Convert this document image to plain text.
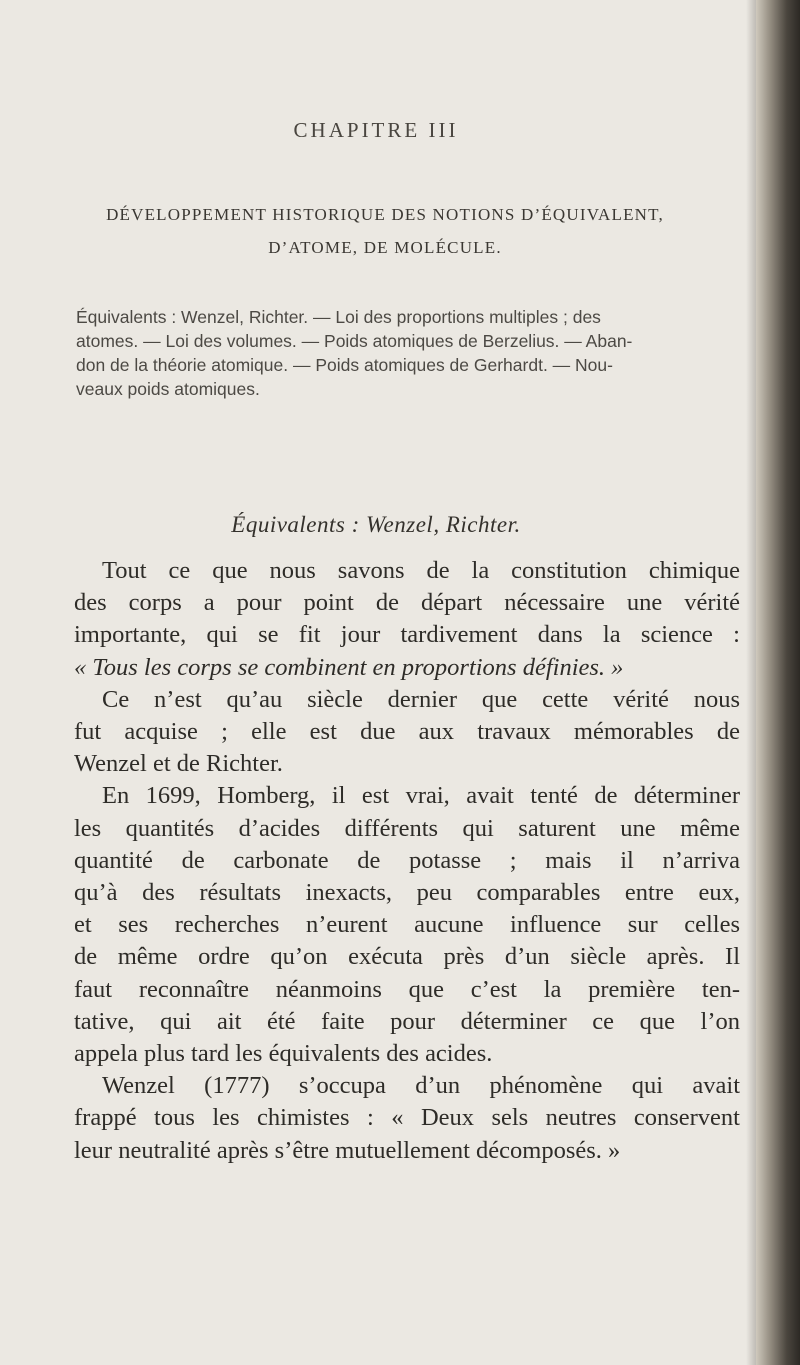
CHAPITRE III
DÉVELOPPEMENT HISTORIQUE DES NOTIONS D’ÉQUIVALENT,
D’ATOME, DE MOLÉCULE.
Équivalents : Wenzel, Richter. — Loi des proportions multiples ; des
atomes. — Loi des volumes. — Poids atomiques de Berzelius. — Aban-
don de la théorie atomique. — Poids atomiques de Gerhardt. — Nou-
veaux poids atomiques.
Équivalents : Wenzel, Richter.
Tout ce que nous savons de la constitution chimique
des corps a pour point de départ nécessaire une vérité
importante, qui se fit jour tardivement dans la science :
« Tous les corps se combinent en proportions définies. »
Ce n’est qu’au siècle dernier que cette vérité nous
fut acquise ; elle est due aux travaux mémorables de
Wenzel et de Richter.
En 1699, Homberg, il est vrai, avait tenté de déterminer
les quantités d’acides différents qui saturent une même
quantité de carbonate de potasse ; mais il n’arriva
qu’à des résultats inexacts, peu comparables entre eux,
et ses recherches n’eurent aucune influence sur celles
de même ordre qu’on exécuta près d’un siècle après. Il
faut reconnaître néanmoins que c’est la première ten-
tative, qui ait été faite pour déterminer ce que l’on
appela plus tard les équivalents des acides.
Wenzel (1777) s’occupa d’un phénomène qui avait
frappé tous les chimistes : « Deux sels neutres conservent
leur neutralité après s’être mutuellement décomposés. »
